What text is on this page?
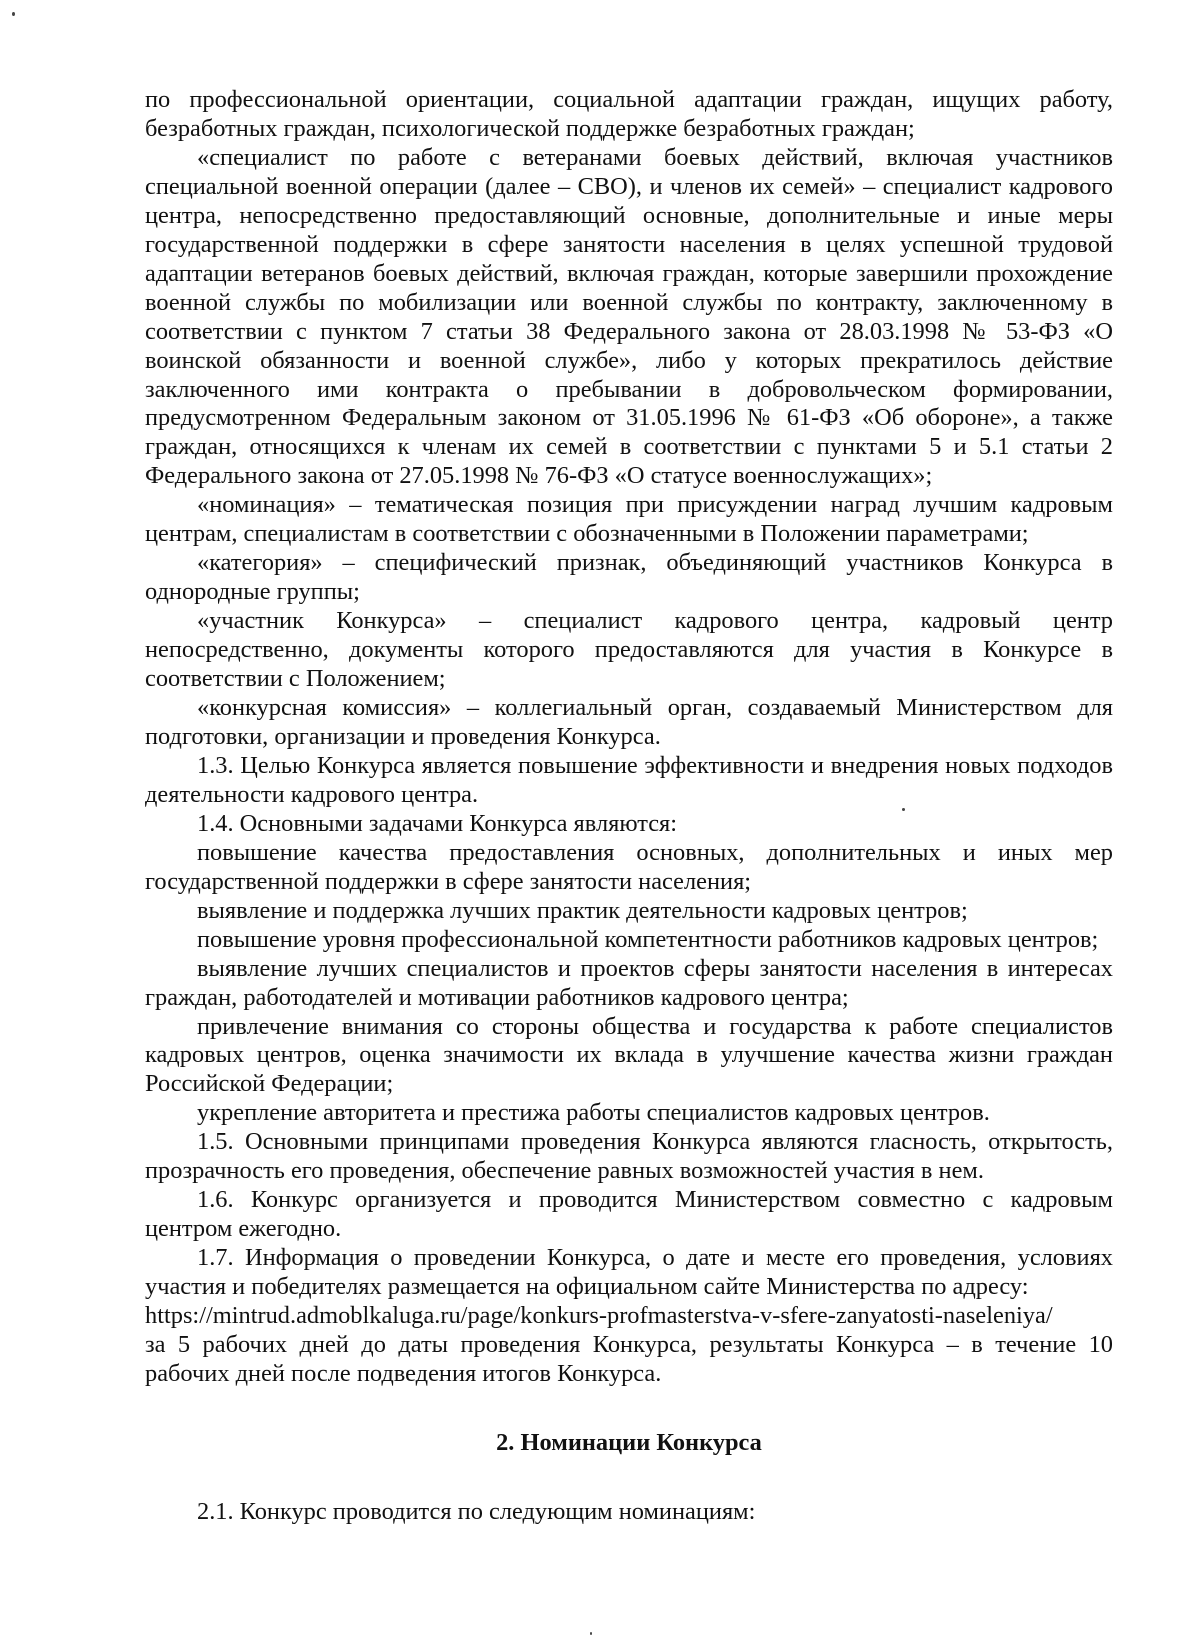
по профессиональной ориентации, социальной адаптации граждан, ищущих работу, безработных граждан, психологической поддержке безработных граждан;

«специалист по работе с ветеранами боевых действий, включая участников специальной военной операции (далее – СВО), и членов их семей» – специалист кадрового центра, непосредственно предоставляющий основные, дополнительные и иные меры государственной поддержки в сфере занятости населения в целях успешной трудовой адаптации ветеранов боевых действий, включая граждан, которые завершили прохождение военной службы по мобилизации или военной службы по контракту, заключенному в соответствии с пунктом 7 статьи 38 Федерального закона от 28.03.1998 № 53-ФЗ «О воинской обязанности и военной службе», либо у которых прекратилось действие заключенного ими контракта о пребывании в добровольческом формировании, предусмотренном Федеральным законом от 31.05.1996 № 61-ФЗ «Об обороне», а также граждан, относящихся к членам их семей в соответствии с пунктами 5 и 5.1 статьи 2 Федерального закона от 27.05.1998 № 76-ФЗ «О статусе военнослужащих»;

«номинация» – тематическая позиция при присуждении наград лучшим кадровым центрам, специалистам в соответствии с обозначенными в Положении параметрами;

«категория» – специфический признак, объединяющий участников Конкурса в однородные группы;

«участник Конкурса» – специалист кадрового центра, кадровый центр непосредственно, документы которого предоставляются для участия в Конкурсе в соответствии с Положением;

«конкурсная комиссия» – коллегиальный орган, создаваемый Министерством для подготовки, организации и проведения Конкурса.

1.3. Целью Конкурса является повышение эффективности и внедрения новых подходов деятельности кадрового центра.

1.4. Основными задачами Конкурса являются:

повышение качества предоставления основных, дополнительных и иных мер государственной поддержки в сфере занятости населения;

выявление и поддержка лучших практик деятельности кадровых центров;

повышение уровня профессиональной компетентности работников кадровых центров;

выявление лучших специалистов и проектов сферы занятости населения в интересах граждан, работодателей и мотивации работников кадрового центра;

привлечение внимания со стороны общества и государства к работе специалистов кадровых центров, оценка значимости их вклада в улучшение качества жизни граждан Российской Федерации;

укрепление авторитета и престижа работы специалистов кадровых центров.

1.5. Основными принципами проведения Конкурса являются гласность, открытость, прозрачность его проведения, обеспечение равных возможностей участия в нем.

1.6. Конкурс организуется и проводится Министерством совместно с кадровым центром ежегодно.

1.7. Информация о проведении Конкурса, о дате и месте его проведения, условиях участия и победителях размещается на официальном сайте Министерства по адресу:

https://mintrud.admoblkaluga.ru/page/konkurs-profmasterstva-v-sfere-zanyatosti-naseleniya/

за 5 рабочих дней до даты проведения Конкурса, результаты Конкурса – в течение 10 рабочих дней после подведения итогов Конкурса.

2. Номинации Конкурса

2.1. Конкурс проводится по следующим номинациям:
